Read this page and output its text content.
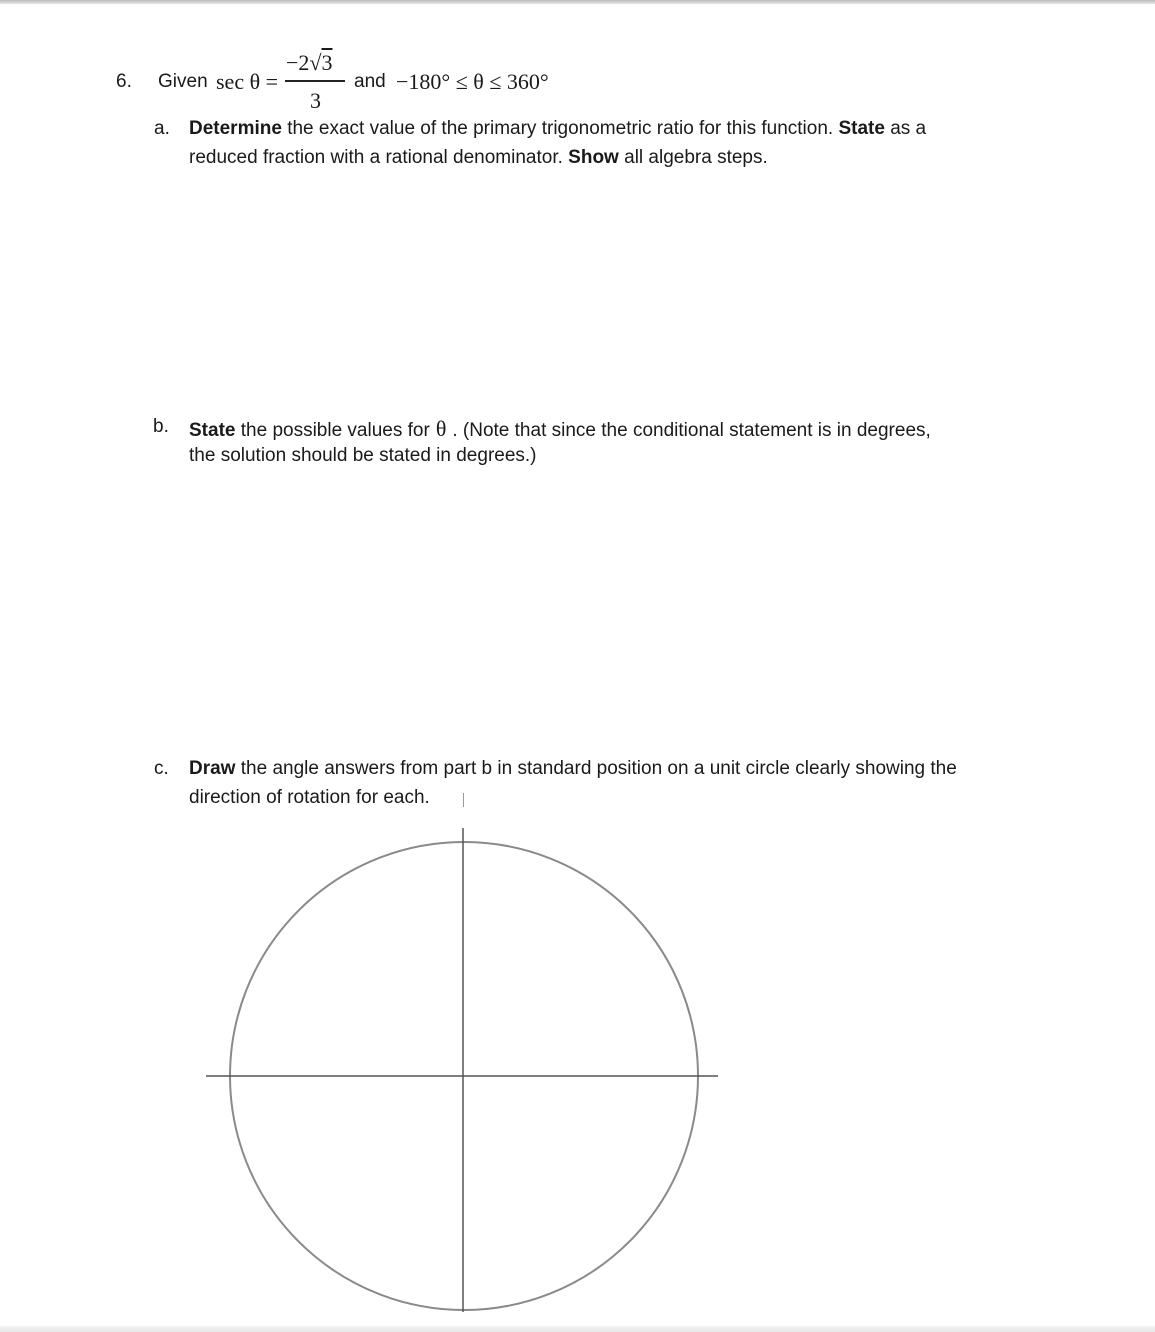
6. Given sec θ =
−2√3
3
and −180° ≤ θ ≤ 360°
a. Determine the exact value of the primary trigonometric ratio for this function. State as a
reduced fraction with a rational denominator. Show all algebra steps.
b. State the possible values for θ . (Note that since the conditional statement is in degrees,
the solution should be stated in degrees.)
c. Draw the angle answers from part b in standard position on a unit circle clearly showing the
direction of rotation for each.
